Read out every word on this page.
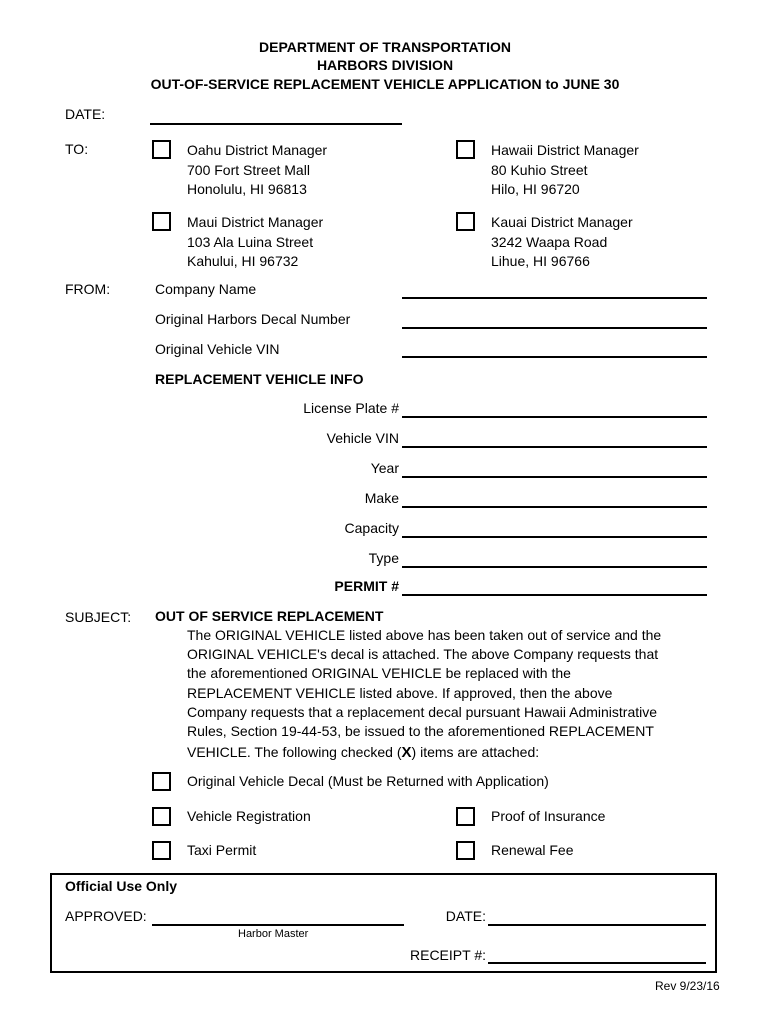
DEPARTMENT OF TRANSPORTATION
HARBORS DIVISION
OUT-OF-SERVICE REPLACEMENT VEHICLE APPLICATION to JUNE 30
DATE:
TO:	Oahu District Manager
700 Fort Street Mall
Honolulu, HI 96813
Hawaii District Manager
80 Kuhio Street
Hilo, HI 96720
Maui District Manager
103 Ala Luina Street
Kahului, HI 96732
Kauai District Manager
3242 Waapa Road
Lihue, HI 96766
FROM:	Company Name
Original Harbors Decal Number
Original Vehicle VIN
REPLACEMENT VEHICLE INFO
License Plate #
Vehicle VIN
Year
Make
Capacity
Type
PERMIT #
SUBJECT: OUT OF SERVICE REPLACEMENT
The ORIGINAL VEHICLE listed above has been taken out of service and the
ORIGINAL VEHICLE's decal is attached. The above Company requests that
the aforementioned ORIGINAL VEHICLE be replaced with the
REPLACEMENT VEHICLE listed above. If approved, then the above
Company requests that a replacement decal pursuant Hawaii Administrative
Rules, Section 19-44-53, be issued to the aforementioned REPLACEMENT
VEHICLE. The following checked (X) items are attached:
Original Vehicle Decal (Must be Returned with Application)
Vehicle Registration	Proof of Insurance
Taxi Permit	Renewal Fee
Official Use Only
APPROVED:
Harbor Master
DATE:
RECEIPT #:
Rev 9/23/16
